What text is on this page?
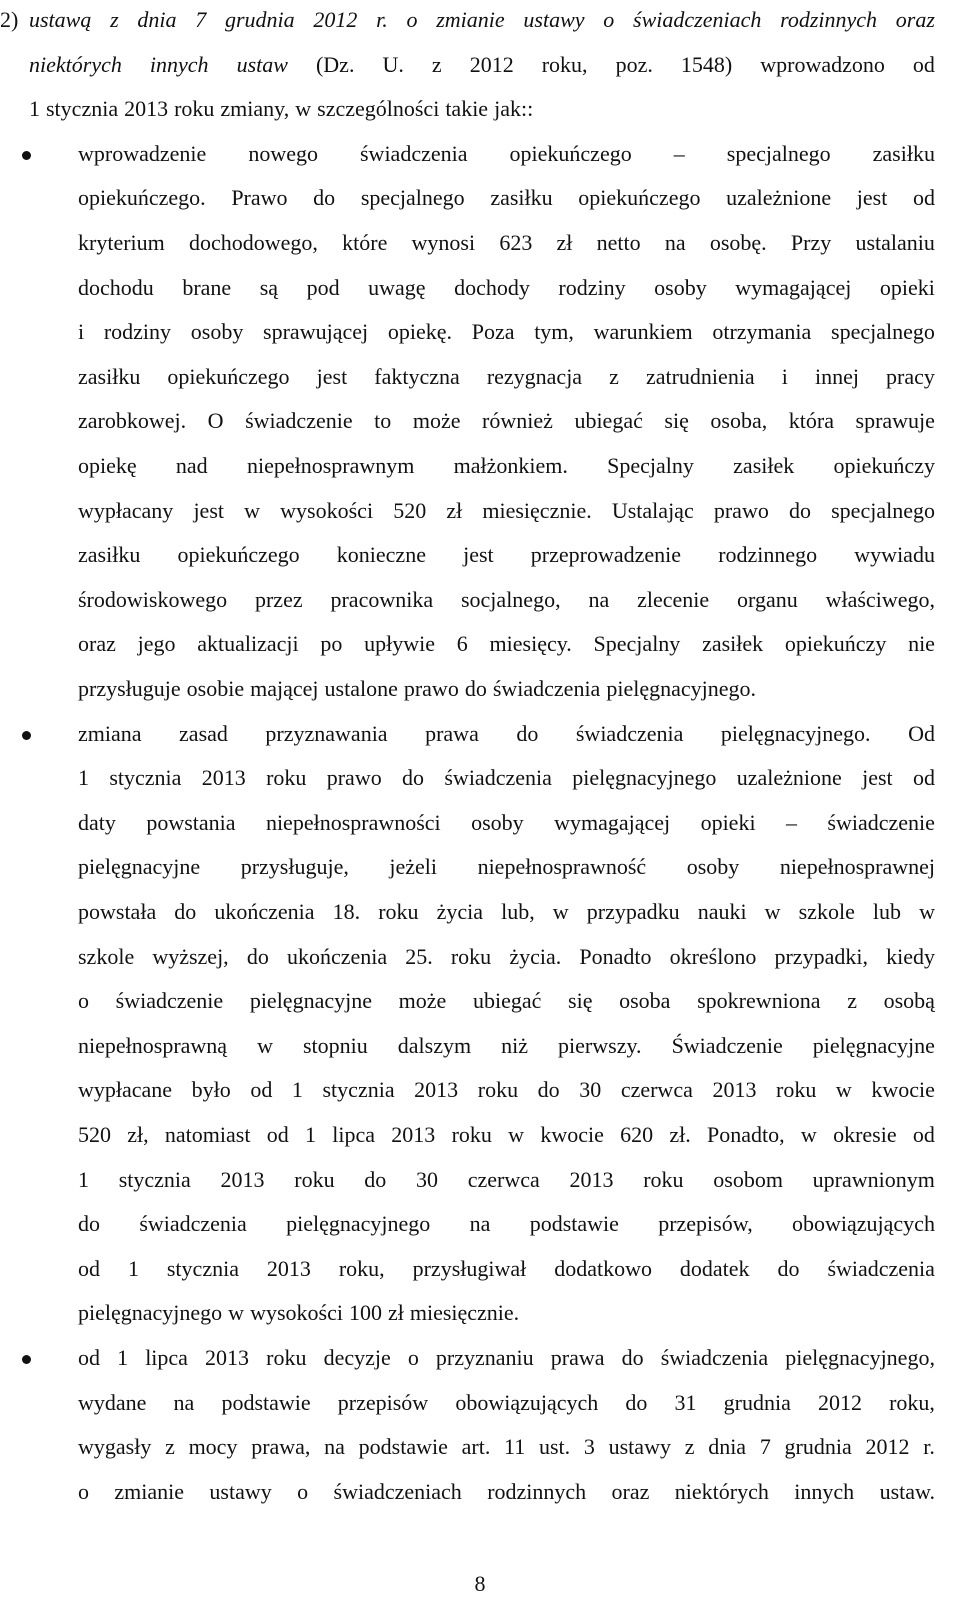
2) ustawą z dnia 7 grudnia 2012 r. o zmianie ustawy o świadczeniach rodzinnych oraz
niektórych innych ustaw (Dz. U. z 2012 roku, poz. 1548) wprowadzono od
1 stycznia 2013 roku zmiany, w szczególności takie jak::
wprowadzenie nowego świadczenia opiekuńczego – specjalnego zasiłku
opiekuńczego. Prawo do specjalnego zasiłku opiekuńczego uzależnione jest od
kryterium dochodowego, które wynosi 623 zł netto na osobę. Przy ustalaniu
dochodu brane są pod uwagę dochody rodziny osoby wymagającej opieki
i rodziny osoby sprawującej opiekę. Poza tym, warunkiem otrzymania specjalnego
zasiłku opiekuńczego jest faktyczna rezygnacja z zatrudnienia i innej pracy
zarobkowej. O świadczenie to może również ubiegać się osoba, która sprawuje
opiekę nad niepełnosprawnym małżonkiem. Specjalny zasiłek opiekuńczy
wypłacany jest w wysokości 520 zł miesięcznie. Ustalając prawo do specjalnego
zasiłku opiekuńczego konieczne jest przeprowadzenie rodzinnego wywiadu
środowiskowego przez pracownika socjalnego, na zlecenie organu właściwego,
oraz jego aktualizacji po upływie 6 miesięcy. Specjalny zasiłek opiekuńczy nie
przysługuje osobie mającej ustalone prawo do świadczenia pielęgnacyjnego.
zmiana zasad przyznawania prawa do świadczenia pielęgnacyjnego. Od
1 stycznia 2013 roku prawo do świadczenia pielęgnacyjnego uzależnione jest od
daty powstania niepełnosprawności osoby wymagającej opieki – świadczenie
pielęgnacyjne przysługuje, jeżeli niepełnosprawność osoby niepełnosprawnej
powstała do ukończenia 18. roku życia lub, w przypadku nauki w szkole lub w
szkole wyższej, do ukończenia 25. roku życia. Ponadto określono przypadki, kiedy
o świadczenie pielęgnacyjne może ubiegać się osoba spokrewniona z osobą
niepełnosprawną w stopniu dalszym niż pierwszy. Świadczenie pielęgnacyjne
wypłacane było od 1 stycznia 2013 roku do 30 czerwca 2013 roku w kwocie
520 zł, natomiast od 1 lipca 2013 roku w kwocie 620 zł. Ponadto, w okresie od
1 stycznia 2013 roku do 30 czerwca 2013 roku osobom uprawnionym
do świadczenia pielęgnacyjnego na podstawie przepisów, obowiązujących
od 1 stycznia 2013 roku, przysługiwał dodatkowo dodatek do świadczenia
pielęgnacyjnego w wysokości 100 zł miesięcznie.
od 1 lipca 2013 roku decyzje o przyznaniu prawa do świadczenia pielęgnacyjnego,
wydane na podstawie przepisów obowiązujących do 31 grudnia 2012 roku,
wygasły z mocy prawa, na podstawie art. 11 ust. 3 ustawy z dnia 7 grudnia 2012 r.
o zmianie ustawy o świadczeniach rodzinnych oraz niektórych innych ustaw.
8
